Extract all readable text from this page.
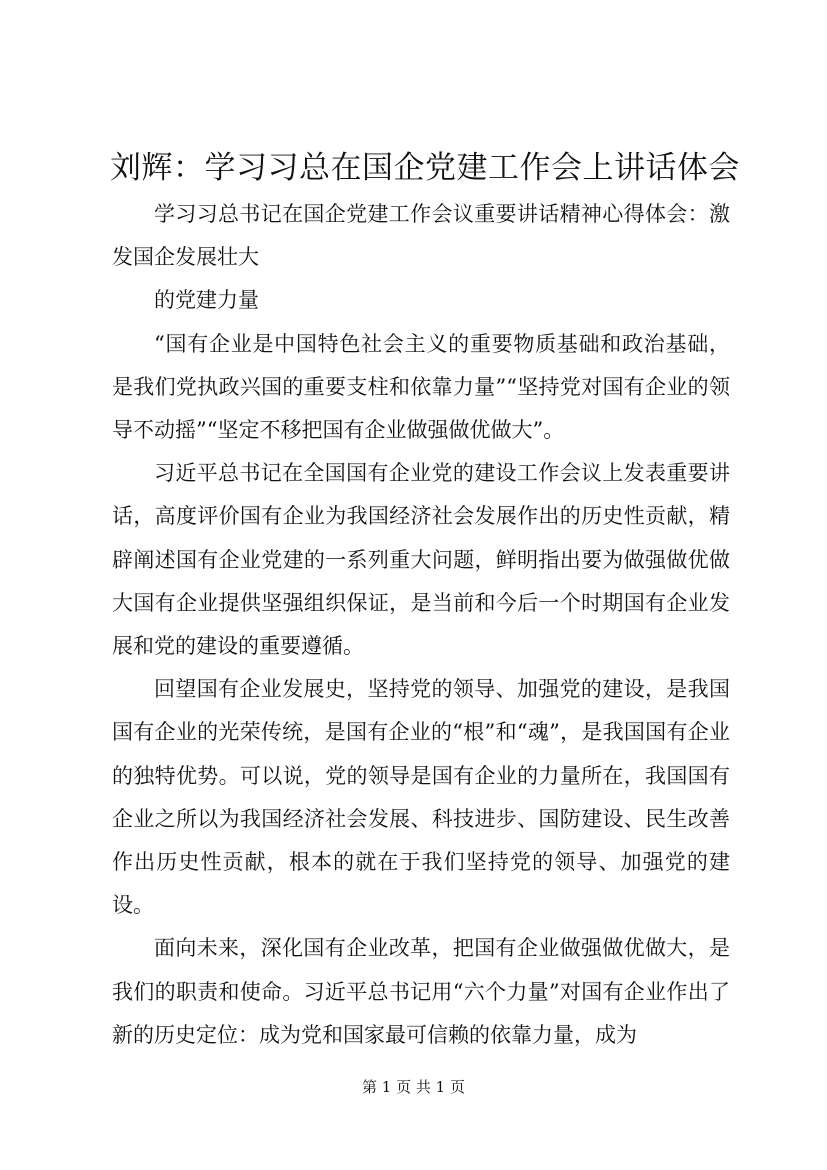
刘辉：学习习总在国企党建工作会上讲话体会

学习习总书记在国企党建工作会议重要讲话精神心得体会：激发国企发展壮大

的党建力量

“国有企业是中国特色社会主义的重要物质基础和政治基础，是我们党执政兴国的重要支柱和依靠力量”“坚持党对国有企业的领导不动摇”“坚定不移把国有企业做强做优做大”。

习近平总书记在全国国有企业党的建设工作会议上发表重要讲话，高度评价国有企业为我国经济社会发展作出的历史性贡献，精辟阐述国有企业党建的一系列重大问题，鲜明指出要为做强做优做大国有企业提供坚强组织保证，是当前和今后一个时期国有企业发展和党的建设的重要遵循。

回望国有企业发展史，坚持党的领导、加强党的建设，是我国国有企业的光荣传统，是国有企业的“根”和“魂”，是我国国有企业的独特优势。可以说，党的领导是国有企业的力量所在，我国国有企业之所以为我国经济社会发展、科技进步、国防建设、民生改善作出历史性贡献，根本的就在于我们坚持党的领导、加强党的建设。

面向未来，深化国有企业改革，把国有企业做强做优做大，是我们的职责和使命。习近平总书记用“六个力量”对国有企业作出了新的历史定位：成为党和国家最可信赖的依靠力量，成为

第 1 页 共 1 页
